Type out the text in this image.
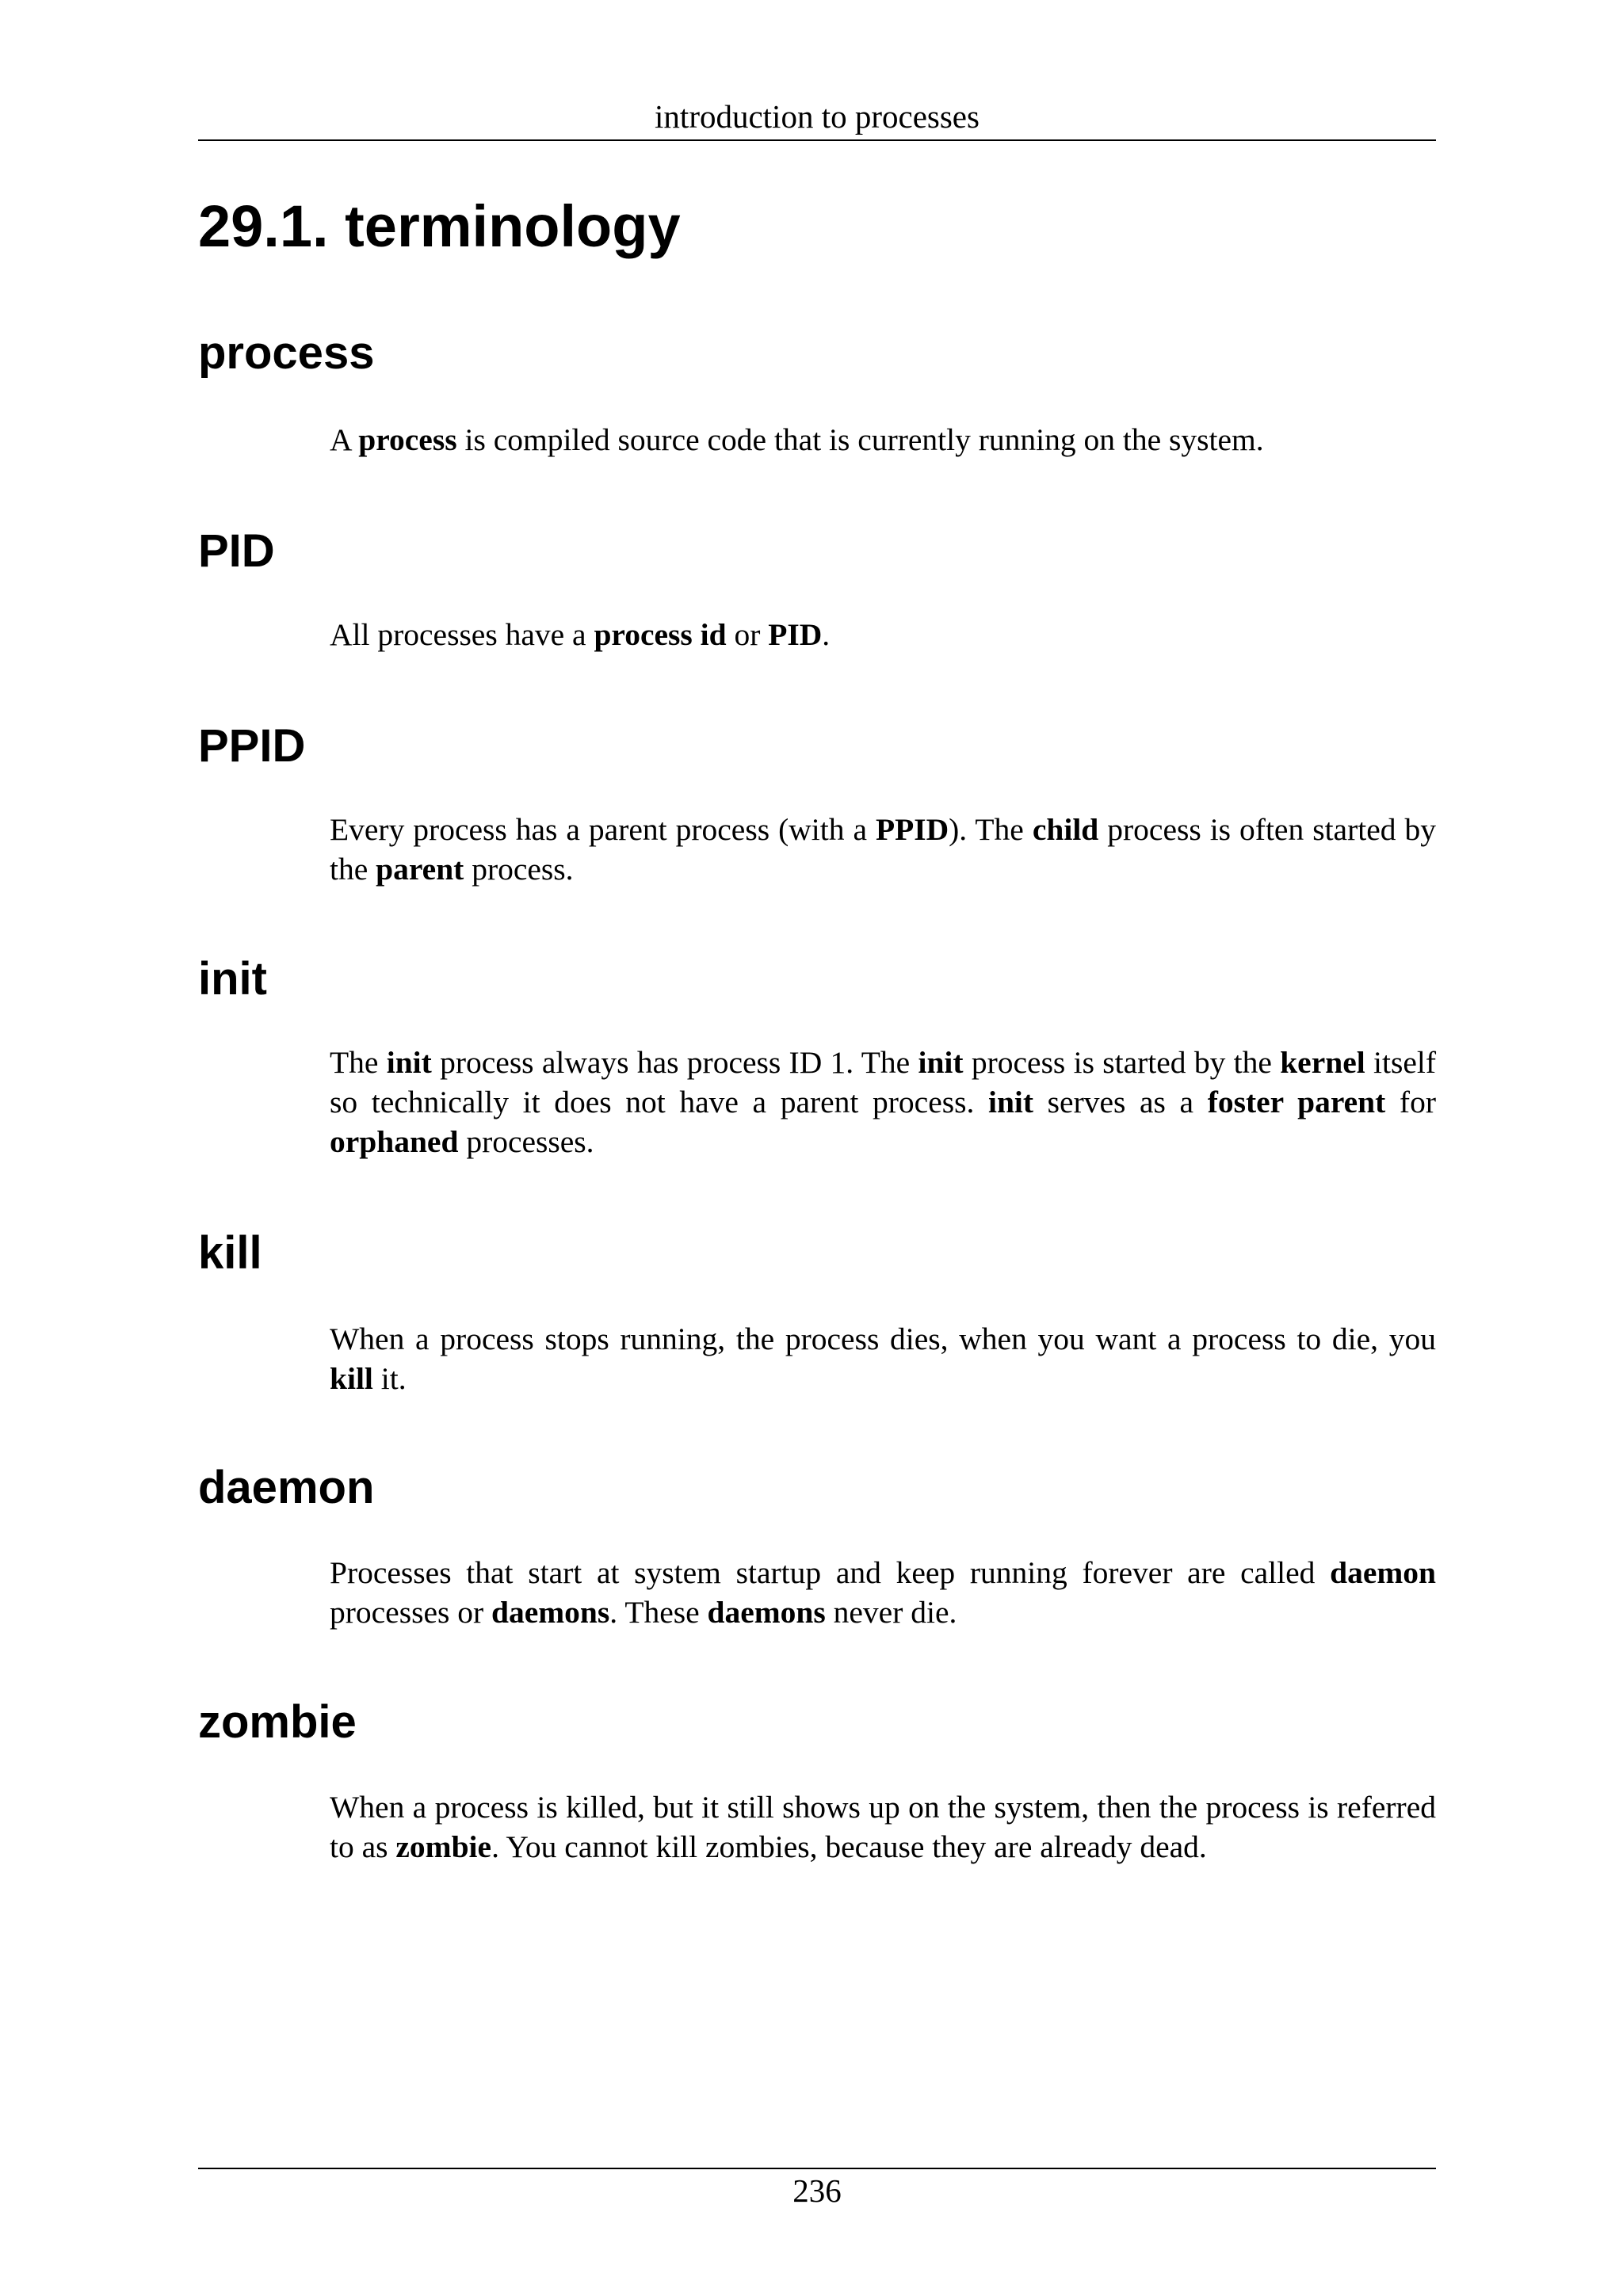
introduction to processes
29.1. terminology
process

A process is compiled source code that is currently running on the system.

PID

All processes have a process id or PID.

PPID

Every process has a parent process (with a PPID). The child process is often started by the parent process.

init

The init process always has process ID 1. The init process is started by the kernel itself so technically it does not have a parent process. init serves as a foster parent for orphaned processes.

kill

When a process stops running, the process dies, when you want a process to die, you kill it.

daemon

Processes that start at system startup and keep running forever are called daemon processes or daemons. These daemons never die.

zombie

When a process is killed, but it still shows up on the system, then the process is referred to as zombie. You cannot kill zombies, because they are already dead.

236
